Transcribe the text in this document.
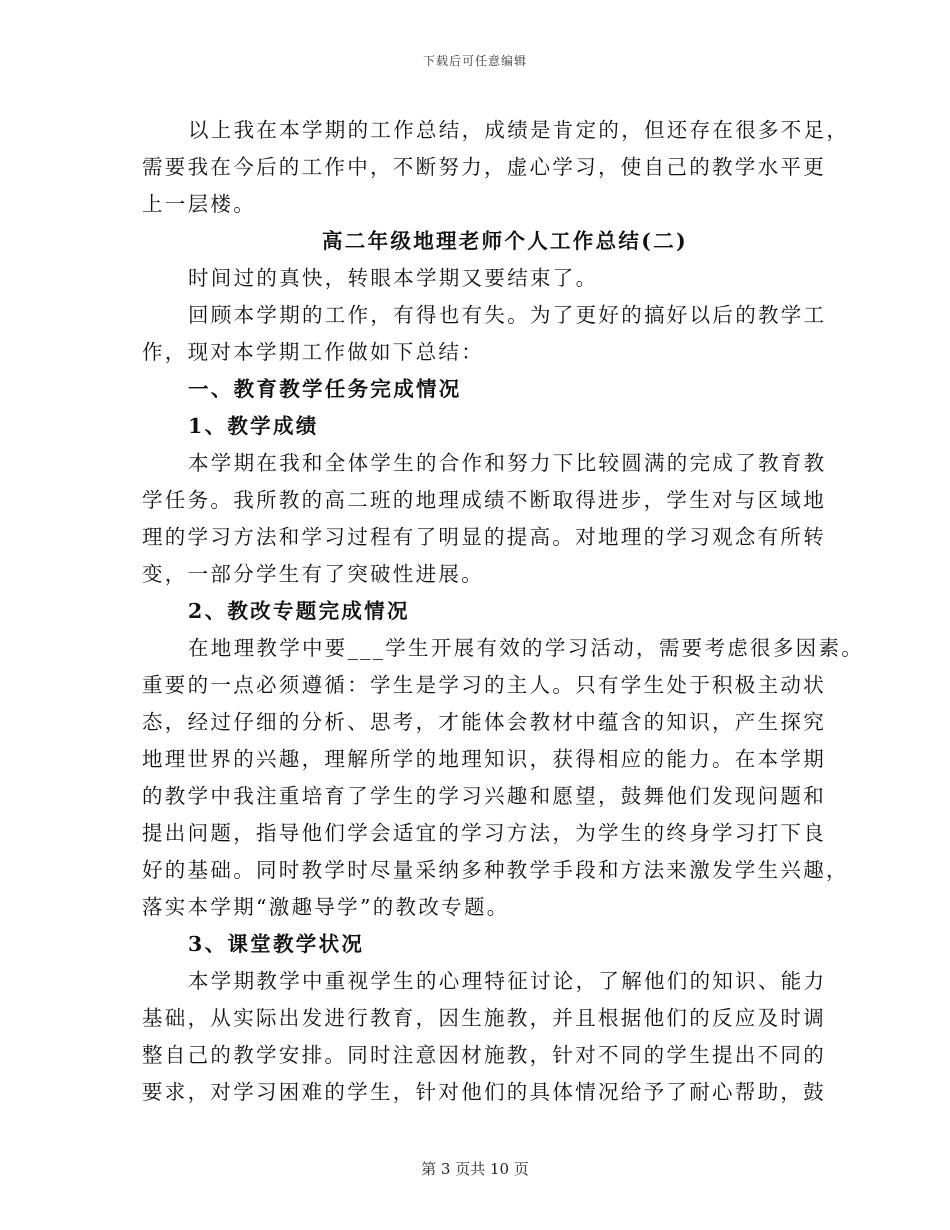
下载后可任意编辑
以上我在本学期的工作总结，成绩是肯定的，但还存在很多不足，
需要我在今后的工作中，不断努力，虚心学习，使自己的教学水平更
上一层楼。
高二年级地理老师个人工作总结(二)
时间过的真快，转眼本学期又要结束了。
回顾本学期的工作，有得也有失。为了更好的搞好以后的教学工
作，现对本学期工作做如下总结：
一、教育教学任务完成情况
1、教学成绩
本学期在我和全体学生的合作和努力下比较圆满的完成了教育教
学任务。我所教的高二班的地理成绩不断取得进步，学生对与区域地
理的学习方法和学习过程有了明显的提高。对地理的学习观念有所转
变，一部分学生有了突破性进展。
2、教改专题完成情况
在地理教学中要___学生开展有效的学习活动，需要考虑很多因素。
重要的一点必须遵循：学生是学习的主人。只有学生处于积极主动状
态，经过仔细的分析、思考，才能体会教材中蕴含的知识，产生探究
地理世界的兴趣，理解所学的地理知识，获得相应的能力。在本学期
的教学中我注重培育了学生的学习兴趣和愿望，鼓舞他们发现问题和
提出问题，指导他们学会适宜的学习方法，为学生的终身学习打下良
好的基础。同时教学时尽量采纳多种教学手段和方法来激发学生兴趣，
落实本学期“激趣导学”的教改专题。
3、课堂教学状况
本学期教学中重视学生的心理特征讨论，了解他们的知识、能力
基础，从实际出发进行教育，因生施教，并且根据他们的反应及时调
整自己的教学安排。同时注意因材施教，针对不同的学生提出不同的
要求，对学习困难的学生，针对他们的具体情况给予了耐心帮助，鼓
第 3 页共 10 页
